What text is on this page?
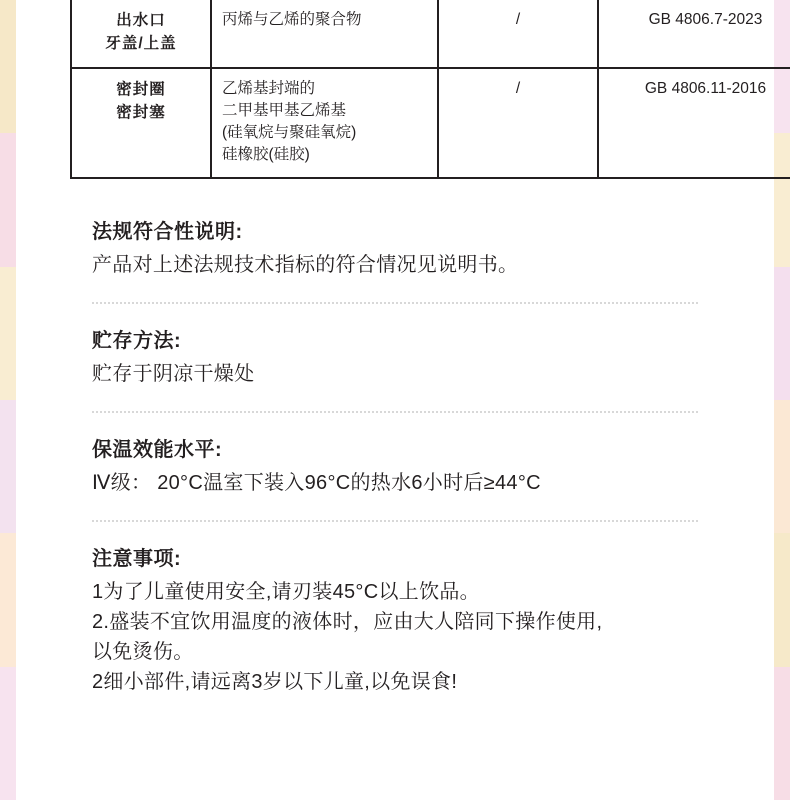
出水口
牙盖/上盖	丙烯与乙烯的聚合物	/	GB 4806.7-2023

密封圈
密封塞	乙烯基封端的
二甲基甲基乙烯基
(硅氧烷与聚硅氧烷)
硅橡胶(硅胶)	/	GB 4806.11-2016

法规符合性说明:

产品对上述法规技术指标的符合情况见说明书。

贮存方法:

贮存于阴凉干燥处

保温效能水平:

Ⅳ级： 20°C温室下装入96°C的热水6小时后≥44°C

注意事项:

1为了儿童使用安全,请刃装45°C以上饮品。

2.盛装不宜饮用温度的液体时，应由大人陪同下操作使用,

以免烫伤。

2细小部件,请远离3岁以下儿童,以免误食!
